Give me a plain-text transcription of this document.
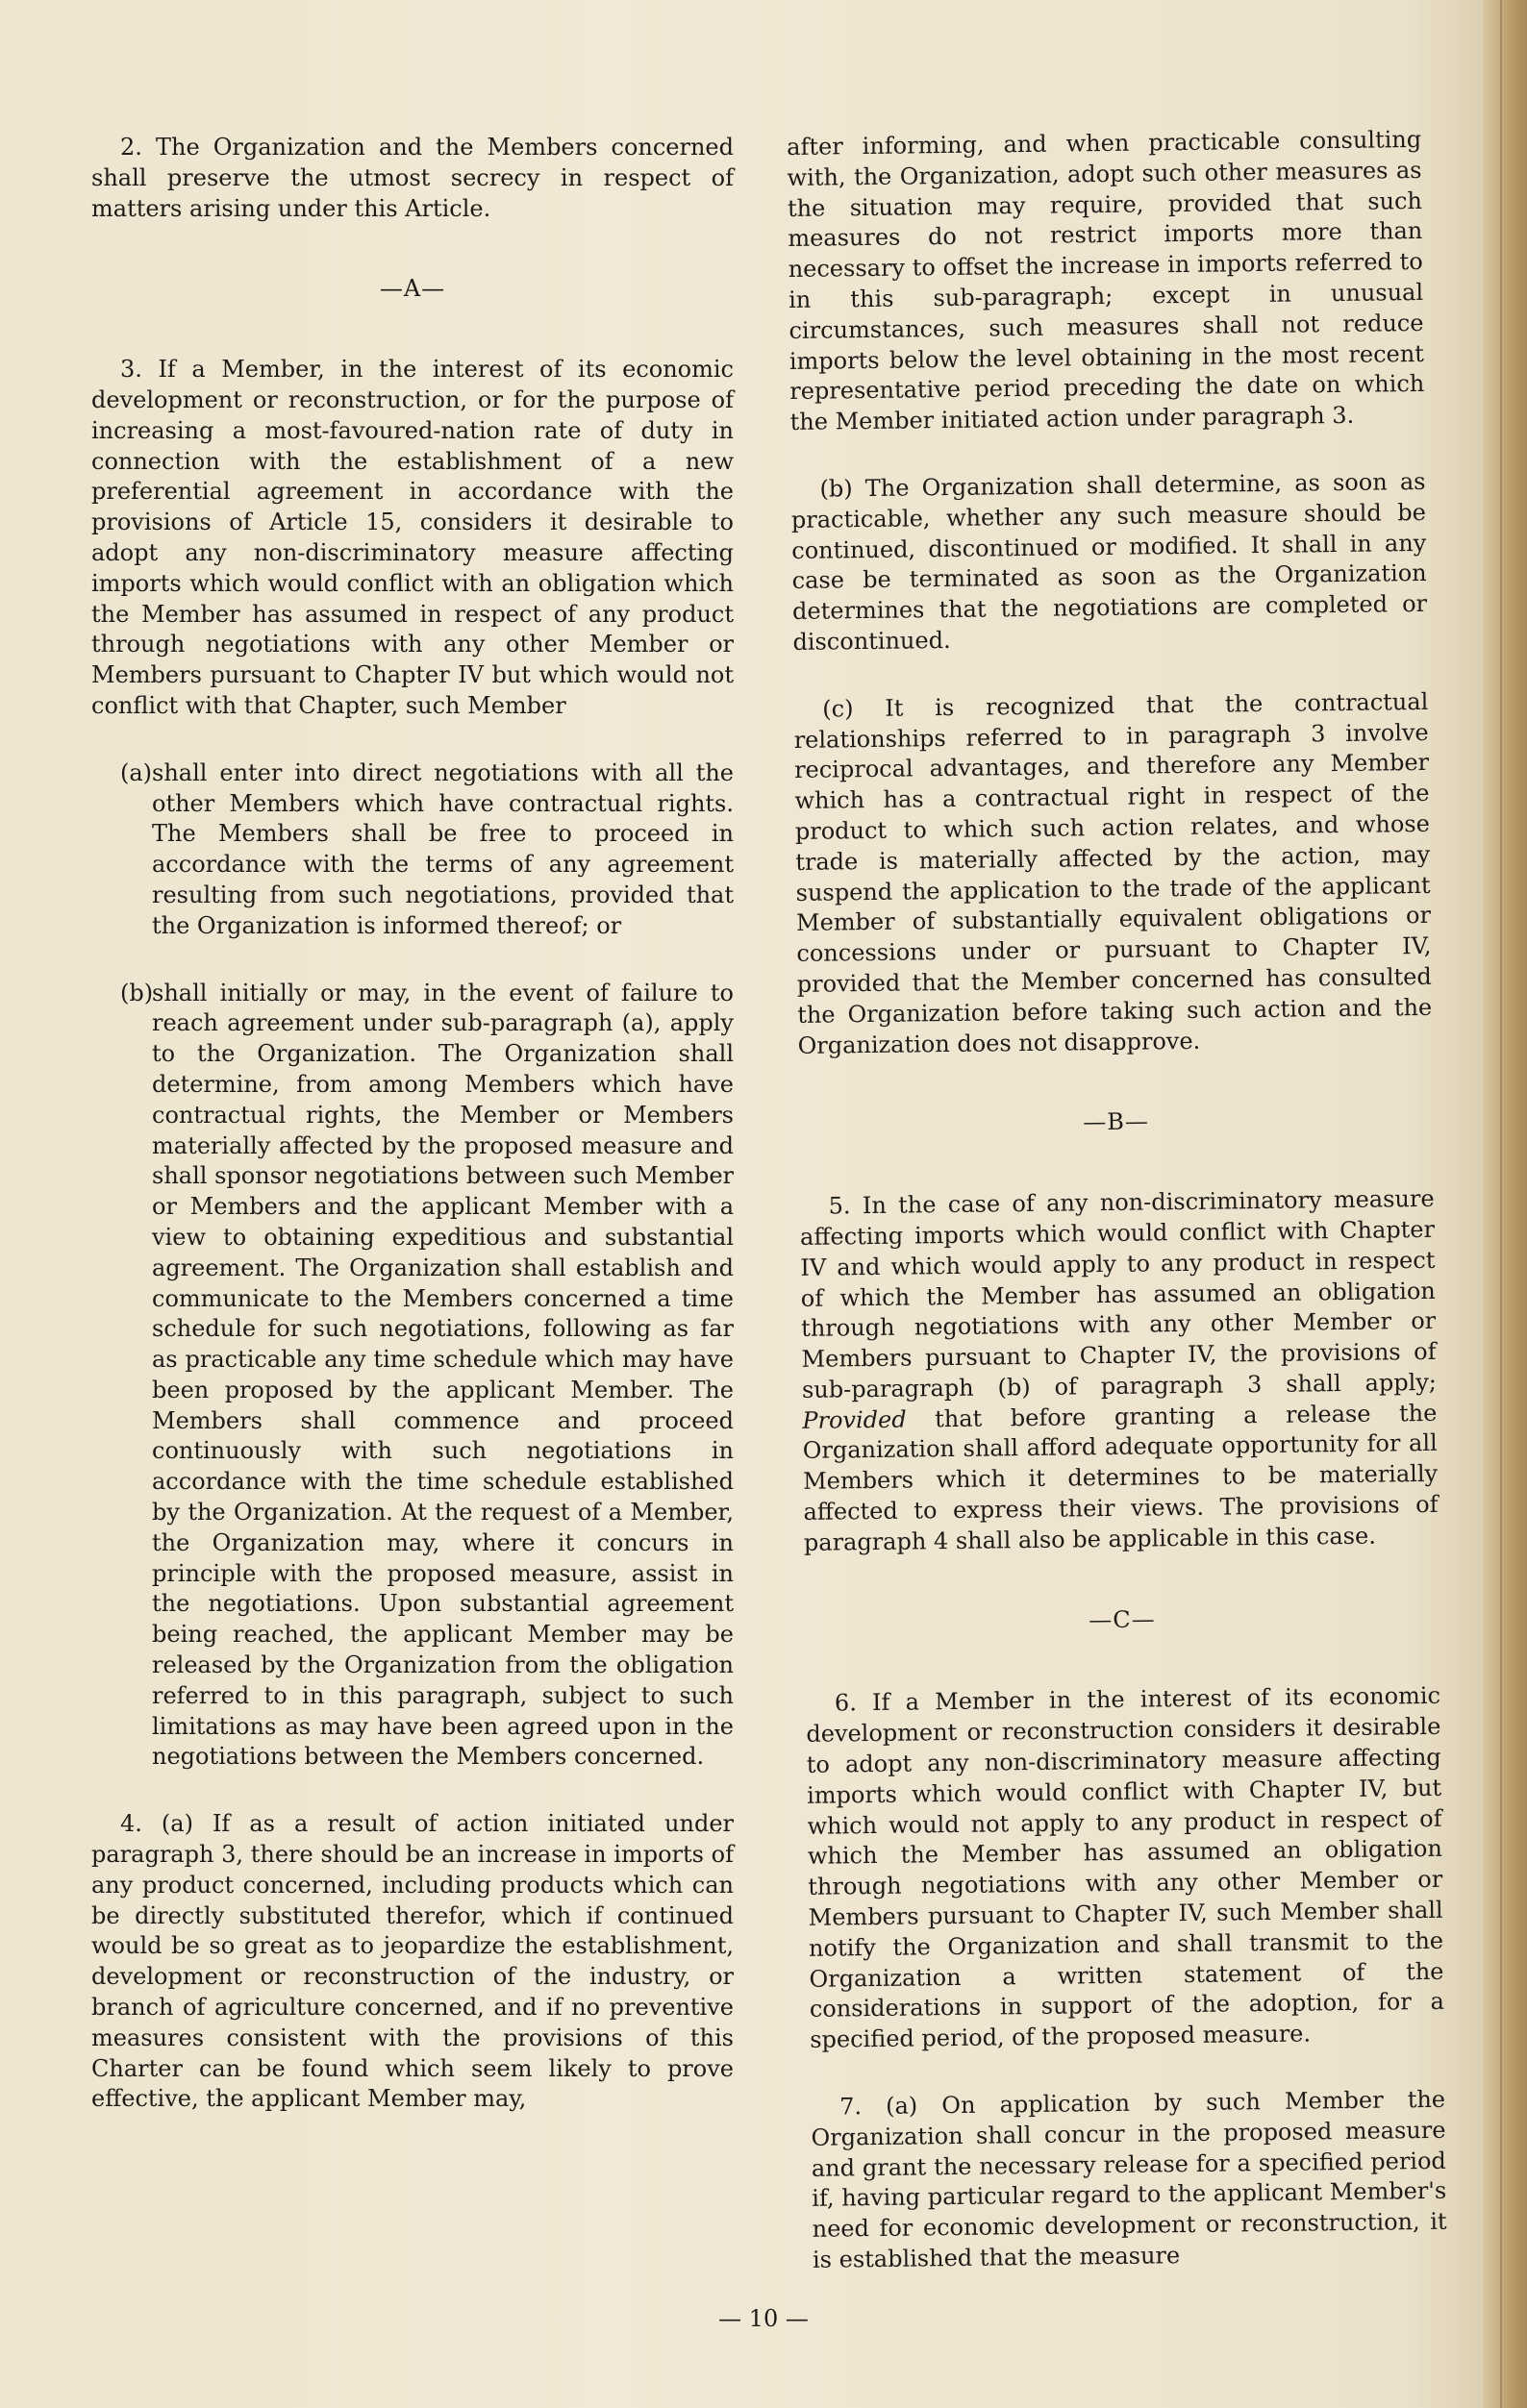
2. The Organization and the Members concerned shall preserve the utmost secrecy in respect of matters arising under this Article.

—A—

3. If a Member, in the interest of its economic development or reconstruction, or for the purpose of increasing a most-favoured-nation rate of duty in connection with the establishment of a new preferential agreement in accordance with the provisions of Article 15, considers it desirable to adopt any non-discriminatory measure affecting imports which would conflict with an obligation which the Member has assumed in respect of any product through negotiations with any other Member or Members pursuant to Chapter IV but which would not conflict with that Chapter, such Member

(a) shall enter into direct negotiations with all the other Members which have contractual rights. The Members shall be free to proceed in accordance with the terms of any agreement resulting from such negotiations, provided that the Organization is informed thereof; or
(b)
shall initially or may, in the event of failure to reach agreement under sub-paragraph (a), apply to the Organization. The Organization shall determine, from among Members which have contractual rights, the Member or Members materially affected by the proposed measure and shall sponsor negotiations between such Member or Members and the applicant Member with a view to obtaining expeditious and substantial agreement. The Organization shall establish and communicate to the Members concerned a time schedule for such negotiations, following as far as practicable any time schedule which may have been proposed by the applicant Member. The Members shall commence and proceed continuously with such negotiations in accordance with the time schedule established by the Organization. At the request of a Member, the Organization may, where it concurs in principle with the proposed measure, assist in the negotiations. Upon substantial agreement being reached, the applicant Member may be released by the Organization from the obligation referred to in this paragraph, subject to such limitations as may have been agreed upon in the negotiations between the Members concerned.

4. (a) If as a result of action initiated under paragraph 3, there should be an increase in imports of any product concerned, including products which can be directly substituted therefor, which if continued would be so great as to jeopardize the establishment, development or reconstruction of the industry, or branch of agriculture concerned, and if no preventive measures consistent with the provisions of this Charter can be found which seem likely to prove effective, the applicant Member may,

after informing, and when practicable consulting with, the Organization, adopt such other measures as the situation may require, provided that such measures do not restrict imports more than necessary to offset the increase in imports referred to in this sub-paragraph; except in unusual circumstances, such measures shall not reduce imports below the level obtaining in the most recent representative period preceding the date on which the Member initiated action under paragraph 3.

(b) The Organization shall determine, as soon as practicable, whether any such measure should be continued, discontinued or modified. It shall in any case be terminated as soon as the Organization determines that the negotiations are completed or discontinued.

(c) It is recognized that the contractual relationships referred to in paragraph 3 involve reciprocal advantages, and therefore any Member which has a contractual right in respect of the product to which such action relates, and whose trade is materially affected by the action, may suspend the application to the trade of the applicant Member of substantially equivalent obligations or concessions under or pursuant to Chapter IV, provided that the Member concerned has consulted the Organization before taking such action and the Organization does not disapprove.

—B—

5. In the case of any non-discriminatory measure affecting imports which would conflict with Chapter IV and which would apply to any product in respect of which the Member has assumed an obligation through negotiations with any other Member or Members pursuant to Chapter IV, the provisions of sub-paragraph (b) of paragraph 3 shall apply; Provided that before granting a release the Organization shall afford adequate opportunity for all Members which it determines to be materially affected to express their views. The provisions of paragraph 4 shall also be applicable in this case.

—C—

6. If a Member in the interest of its economic development or reconstruction considers it desirable to adopt any non-discriminatory measure affecting imports which would conflict with Chapter IV, but which would not apply to any product in respect of which the Member has assumed an obligation through negotiations with any other Member or Members pursuant to Chapter IV, such Member shall notify the Organization and shall transmit to the Organization a written statement of the considerations in support of the adoption, for a specified period, of the proposed measure.

7. (a) On application by such Member the Organization shall concur in the proposed measure and grant the necessary release for a specified period if, having particular regard to the applicant Member's need for economic development or reconstruction, it is established that the measure

— 10 —
